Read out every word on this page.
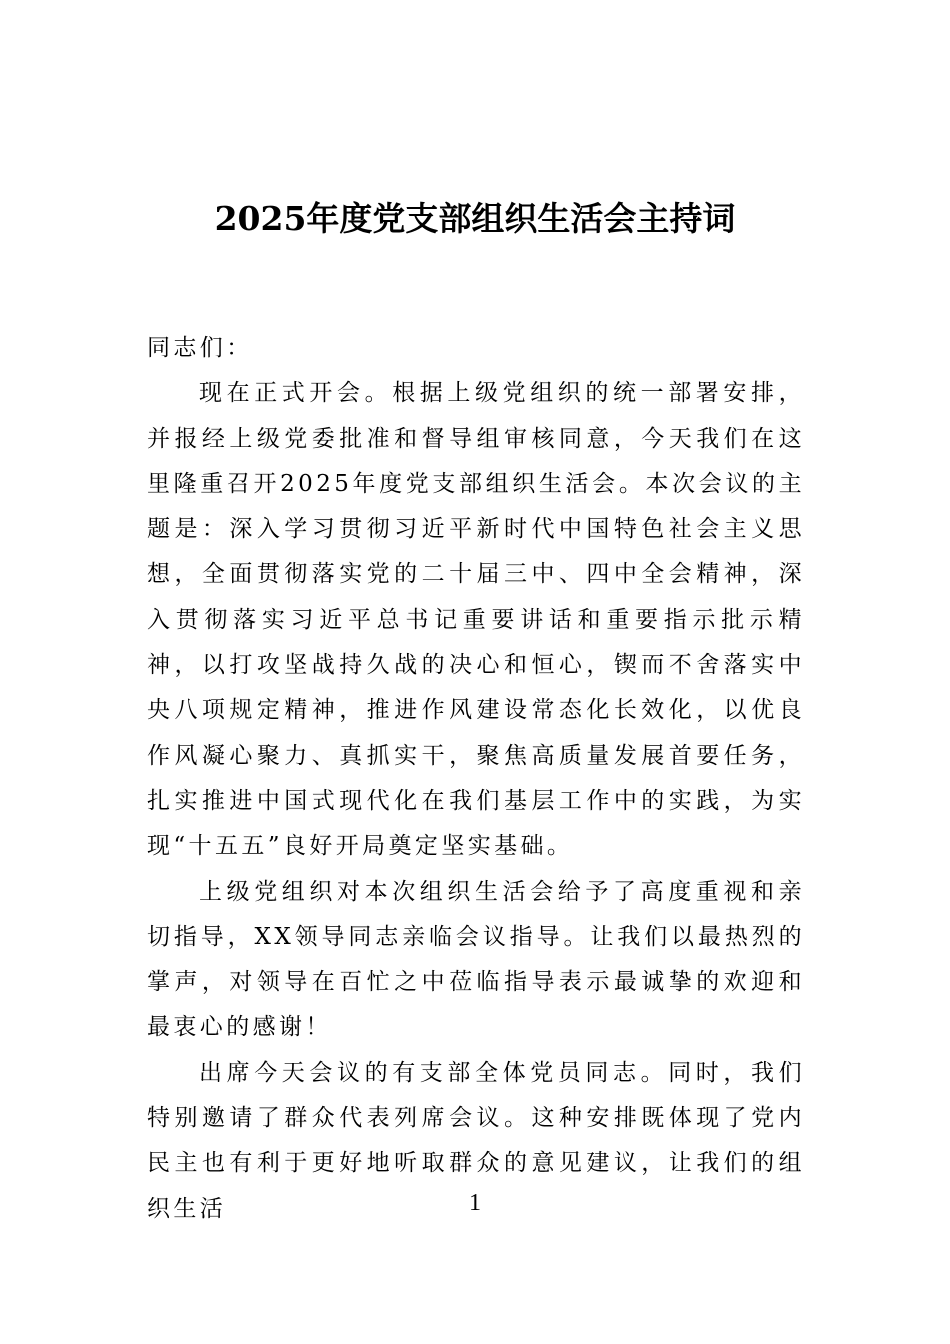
2025年度党支部组织生活会主持词

同志们：

现在正式开会。根据上级党组织的统一部署安排，并报经上级党委批准和督导组审核同意，今天我们在这里隆重召开2025年度党支部组织生活会。本次会议的主题是：深入学习贯彻习近平新时代中国特色社会主义思想，全面贯彻落实党的二十届三中、四中全会精神，深入贯彻落实习近平总书记重要讲话和重要指示批示精神，以打攻坚战持久战的决心和恒心，锲而不舍落实中央八项规定精神，推进作风建设常态化长效化，以优良作风凝心聚力、真抓实干，聚焦高质量发展首要任务，扎实推进中国式现代化在我们基层工作中的实践，为实现“十五五”良好开局奠定坚实基础。

上级党组织对本次组织生活会给予了高度重视和亲切指导，XX领导同志亲临会议指导。让我们以最热烈的掌声，对领导在百忙之中莅临指导表示最诚挚的欢迎和最衷心的感谢！

出席今天会议的有支部全体党员同志。同时，我们特别邀请了群众代表列席会议。这种安排既体现了党内民主也有利于更好地听取群众的意见建议，让我们的组织生活	1
